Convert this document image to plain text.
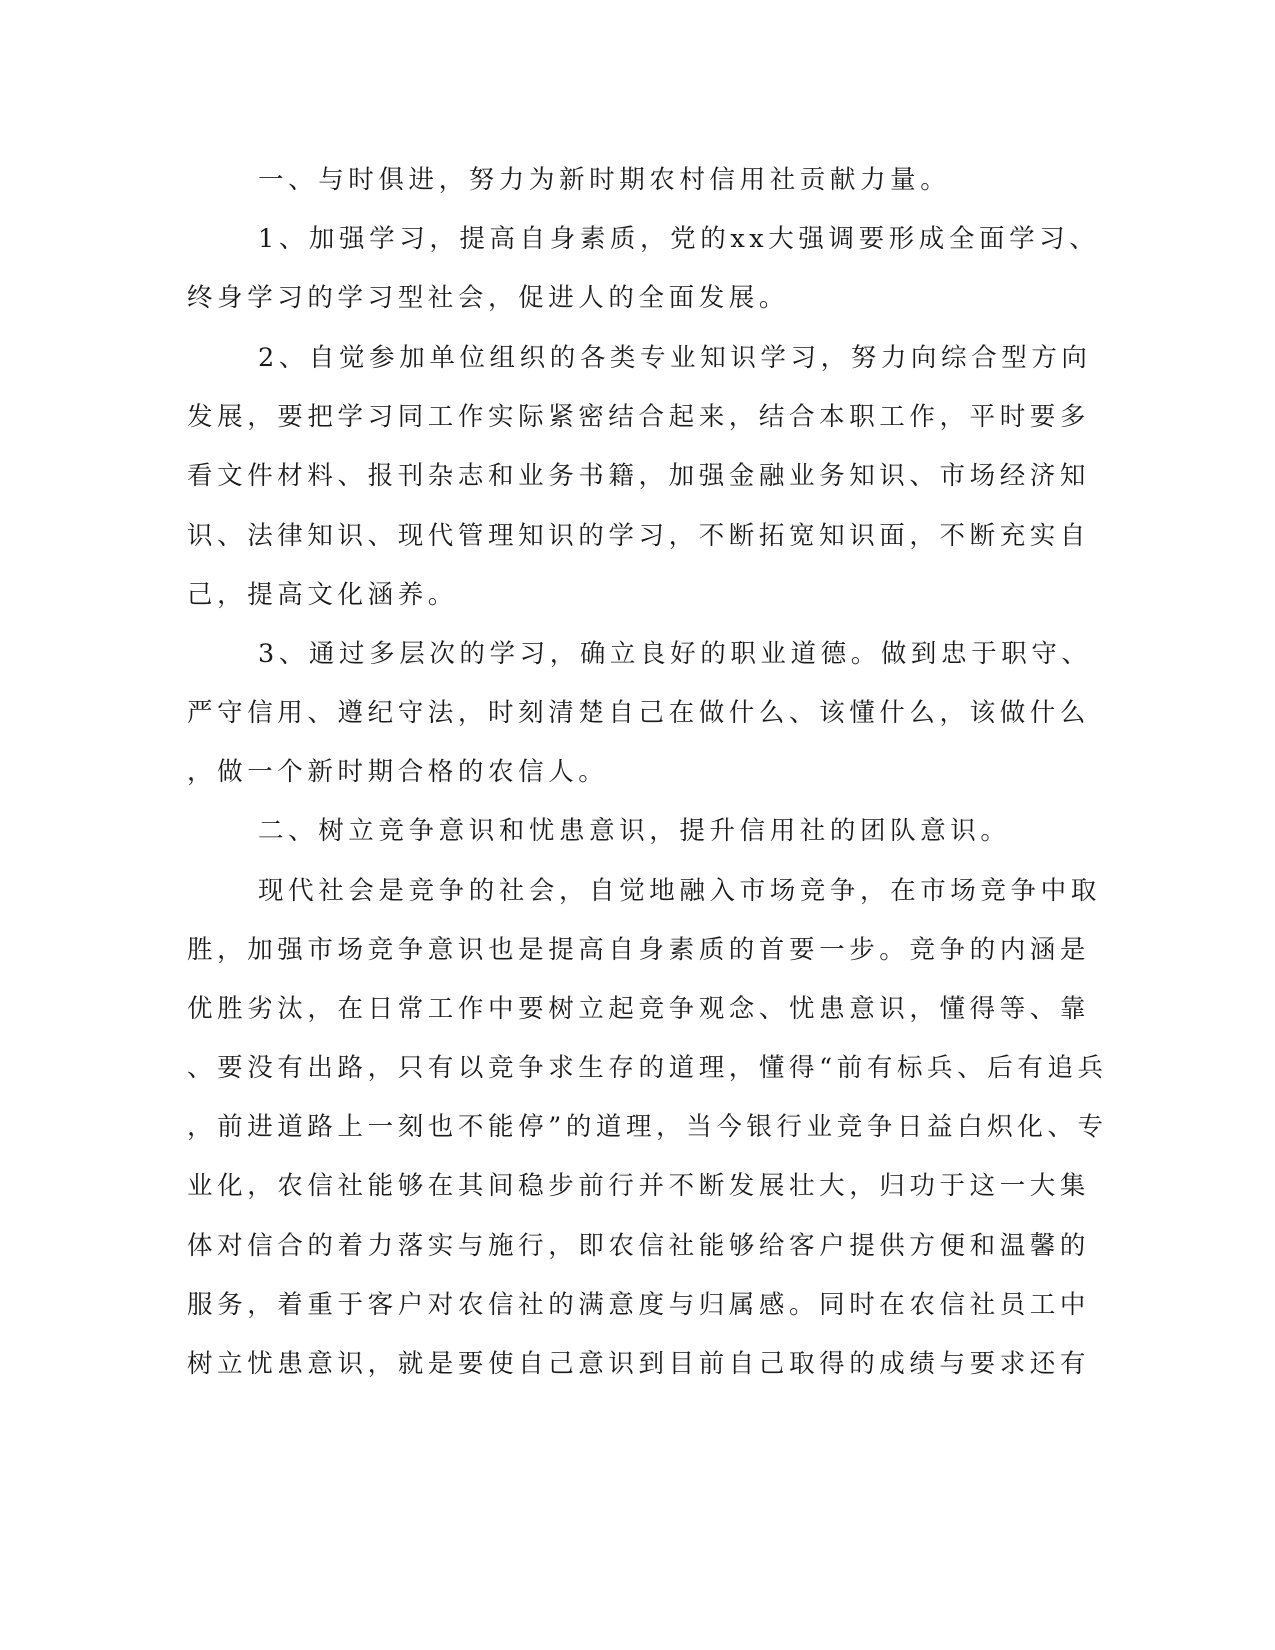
一、与时俱进，努力为新时期农村信用社贡献力量。
1、加强学习，提高自身素质，党的xx大强调要形成全面学习、
终身学习的学习型社会，促进人的全面发展。
2、自觉参加单位组织的各类专业知识学习，努力向综合型方向
发展，要把学习同工作实际紧密结合起来，结合本职工作，平时要多
看文件材料、报刊杂志和业务书籍，加强金融业务知识、市场经济知
识、法律知识、现代管理知识的学习，不断拓宽知识面，不断充实自
己，提高文化涵养。
3、通过多层次的学习，确立良好的职业道德。做到忠于职守、
严守信用、遵纪守法，时刻清楚自己在做什么、该懂什么，该做什么
，做一个新时期合格的农信人。
二、树立竞争意识和忧患意识，提升信用社的团队意识。
现代社会是竞争的社会，自觉地融入市场竞争，在市场竞争中取
胜，加强市场竞争意识也是提高自身素质的首要一步。竞争的内涵是
优胜劣汰，在日常工作中要树立起竞争观念、忧患意识，懂得等、靠
、要没有出路，只有以竞争求生存的道理，懂得“前有标兵、后有追兵
，前进道路上一刻也不能停”的道理，当今银行业竞争日益白炽化、专
业化，农信社能够在其间稳步前行并不断发展壮大，归功于这一大集
体对信合的着力落实与施行，即农信社能够给客户提供方便和温馨的
服务，着重于客户对农信社的满意度与归属感。同时在农信社员工中
树立忧患意识，就是要使自己意识到目前自己取得的成绩与要求还有
